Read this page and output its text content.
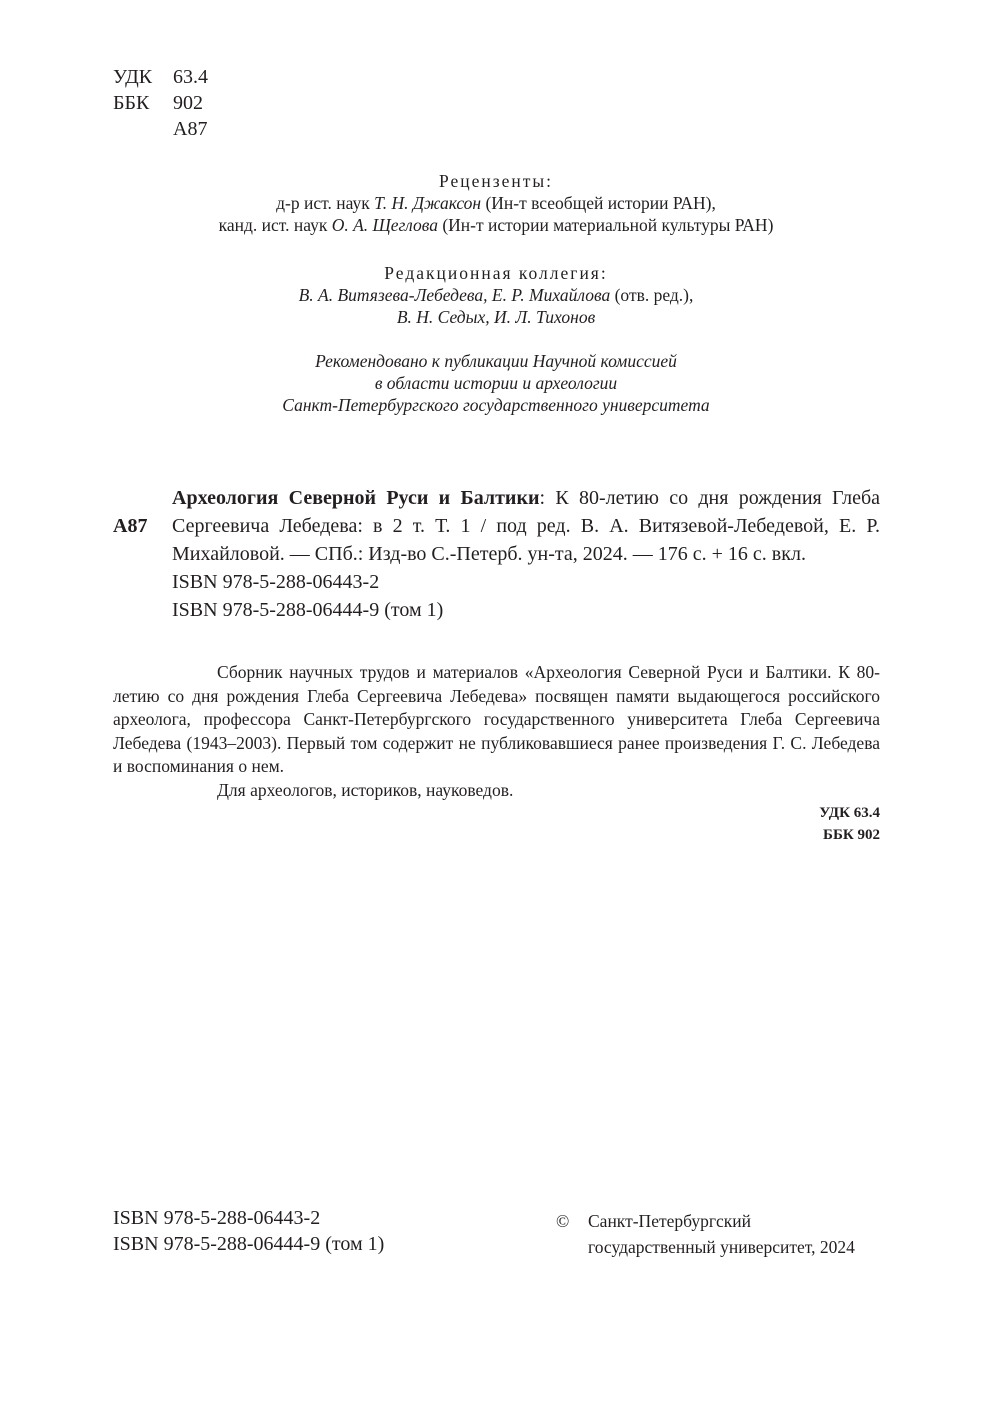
УДК	63.4
ББК	902
А87
Рецензенты:
д-р ист. наук Т. Н. Джаксон (Ин-т всеобщей истории РАН),
канд. ист. наук О. А. Щеглова (Ин-т истории материальной культуры РАН)
Редакционная коллегия:
В. А. Витязева-Лебедева, Е. Р. Михайлова (отв. ред.),
В. Н. Седых, И. Л. Тихонов
Рекомендовано к публикации Научной комиссией
в области истории и археологии
Санкт-Петербургского государственного университета
А87

Археология Северной Руси и Балтики: К 80-летию со дня рождения Глеба Сергеевича Лебедева: в 2 т. Т. 1 / под ред. В. А. Витязевой-Лебедевой, Е. Р. Михайловой. — СПб.: Изд-во С.-Петерб. ун-та, 2024. — 176 с. + 16 с. вкл.

ISBN 978-5-288-06443-2

ISBN 978-5-288-06444-9 (том 1)

Сборник научных трудов и материалов «Археология Северной Руси и Балтики. К 80-летию со дня рождения Глеба Сергеевича Лебедева» посвящен памяти выдающегося российского археолога, профессора Санкт-Петербургского государственного университета Глеба Сергеевича Лебедева (1943–2003). Первый том содержит не публиковавшиеся ранее произведения Г. С. Лебедева и воспоминания о нем.

Для археологов, историков, науковедов.

УДК 63.4
ББК 902
ISBN 978-5-288-06443-2
ISBN 978-5-288-06444-9 (том 1)
© Санкт-Петербургский
государственный университет, 2024
